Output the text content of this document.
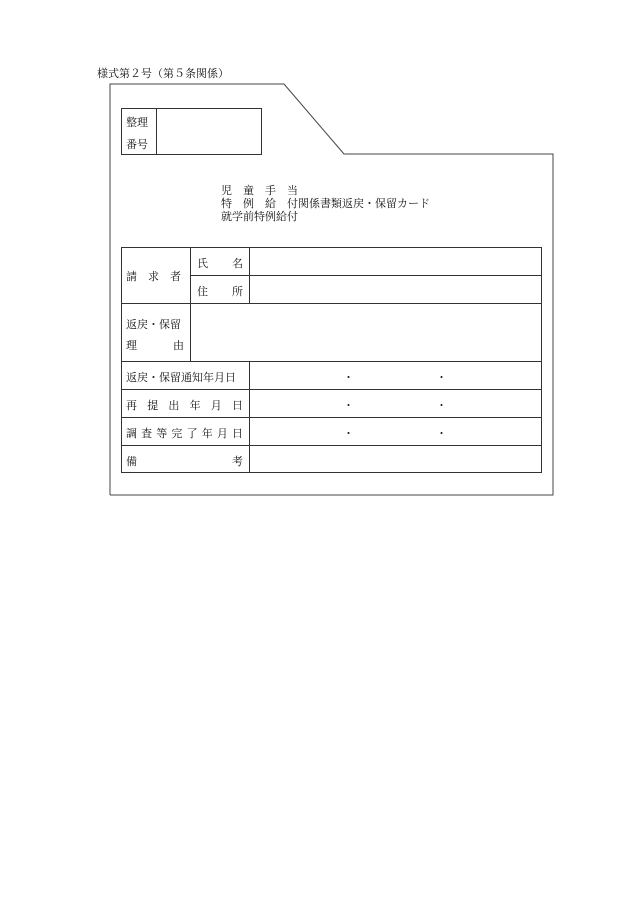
様式第２号（第５条関係）
整理
番号
児　童　手　当
特　例　給　付関係書類返戻・保留カード
就学前特例給付
請　求　者
氏 名
住 所
返戻・保留
理	由
返戻・保留通知年月日	・	・
再 提 出 年 月 日	・	・
調 査 等 完 了 年 月 日	・	・
備	考
